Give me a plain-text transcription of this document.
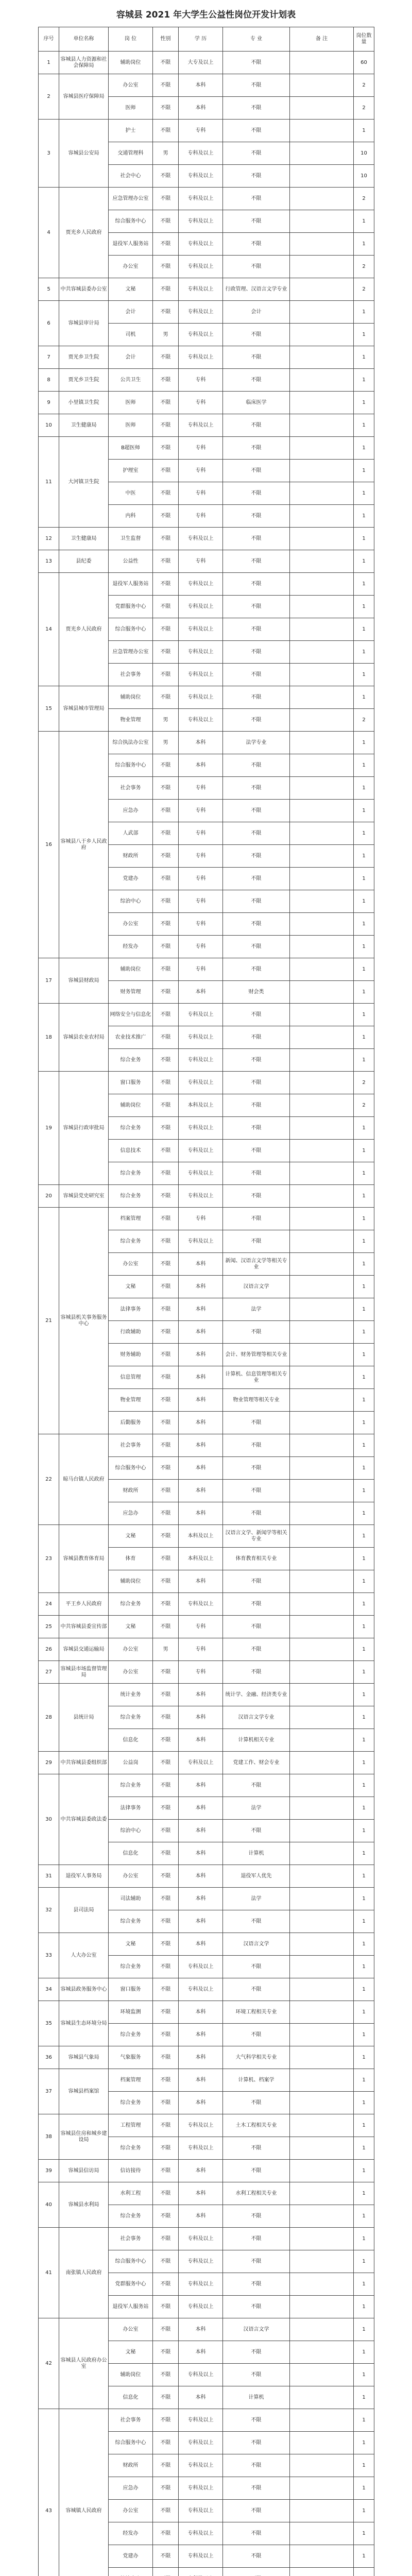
容城县 2021 年大学生公益性岗位开发计划表
序号	单位名称	岗 位	性别	学 历	专 业	备 注	岗位数量
1	容城县人力资源和社会保障局	辅助岗位	不限	大专及以上	不限		60
2	容城县医疗保障局	办公室	不限	本科	不限		2
		医师	不限	本科	不限		2
3	容城县公安局	护士	不限	专科	不限		1
		交通管理科	男	专科及以上	不限		10
		社会中心	不限	专科及以上	不限		10
4	贾光乡人民政府	应急管理办公室	不限	专科及以上	不限		2
		综合服务中心	不限	专科及以上	不限		1
		退役军人服务站	不限	专科及以上	不限		1
		办公室	不限	专科及以上	不限		2
5	中共容城县委办公室	文秘	不限	专科及以上	行政管理、汉语言文学专业		2
6	容城县审计局	会计	不限	专科及以上	会计		1
		司机	男	专科及以上	不限		1
7	贾光乡卫生院	会计	不限	专科及以上	不限		1
8	贾光乡卫生院	公共卫生	不限	专科	不限		1
9	小里镇卫生院	医师	不限	专科	临床医学		1
10	卫生健康局	医师	不限	专科及以上	不限		1
11	大河镇卫生院	B超医师	不限	专科	不限		1
		护理室	不限	专科	不限		1
		中医	不限	专科	不限		1
		内科	不限	专科	不限		1
12	卫生健康局	卫生监督	不限	专科及以上	不限		1
13	县纪委	公益性	不限	专科	不限		1
14	贾光乡人民政府	退役军人服务站	不限	专科及以上	不限		1
		党群服务中心	不限	专科及以上	不限		1
		综合服务中心	不限	专科及以上	不限		1
		应急管理办公室	不限	专科及以上	不限		1
		社会事务	不限	专科及以上	不限		1
15	容城县城市管理局	辅助岗位	不限	专科及以上	不限		1
		物业管理	男	专科及以上	不限		2
16	容城县八于乡人民政府	综合执法办公室	男	本科	法学专业		1
		综合服务中心	不限	本科	不限		1
		社会事务	不限	专科	不限		1
		应急办	不限	专科	不限		1
		人武部	不限	专科	不限		1
		财政所	不限	专科	不限		1
		党建办	不限	专科	不限		1
		综治中心	不限	专科	不限		1
		办公室	不限	专科	不限		1
		经发办	不限	专科	不限		1
17	容城县财政局	辅助岗位	不限	专科	不限		1
		财务管理	不限	本科	财会类		1
18	容城县农业农村局	网络安全与信息化	不限	专科及以上	不限		1
		农业技术推广	不限	专科及以上	不限		1
		综合业务	不限	专科及以上	不限		1
19	容城县行政审批局	窗口服务	不限	专科及以上	不限		2
		辅助岗位	不限	本科及以上	不限		2
		综合业务	不限	专科及以上	不限		1
		信息技术	不限	专科及以上	不限		1
		综合业务	不限	专科及以上	不限		1
20	容城县党史研究室	综合业务	不限	专科及以上	不限		1
21	容城县机关事务服务中心	档案管理	不限	专科	不限		1
		综合业务	不限	专科及以上	不限		1
		办公室	不限	本科	新闻、汉语言文学等相关专业		1
		文秘	不限	本科	汉语言文学		1
		法律事务	不限	本科	法学		1
		行政辅助	不限	本科	不限		1
		财务辅助	不限	本科	会计、财务管理等相关专业		1
		信息管理	不限	本科	计算机、信息管理等相关专业		1
		物业管理	不限	本科	物业管理等相关专业		1
		后勤服务	不限	本科	不限		1
22	晾马台镇人民政府	社会事务	不限	本科	不限		1
		综合服务中心	不限	本科	不限		1
		财政所	不限	本科	不限		1
		应急办	不限	本科	不限		1
23	容城县教育体育局	文秘	不限	本科及以上	汉语言文学、新闻学等相关专业		1
		体育	不限	本科及以上	体育教育相关专业		1
		辅助岗位	不限	本科	不限		1
24	平王乡人民政府	综合业务	不限	专科及以上	不限		1
25	中共容城县委宣传部	文秘	不限	专科	不限		1
26	容城县交通运输局	办公室	男	专科	不限		1
27	容城县市场监督管理局	办公室	不限	专科	不限		1
28	县统计局	统计业务	不限	本科	统计学、金融、经济类专业		1
		综合业务	不限	本科	汉语言文学专业		1
		信息化	不限	本科	计算机相关专业		1
29	中共容城县委组织部	公益岗	不限	专科及以上	党建工作、财会专业		1
30	中共容城县委政法委	综合业务	不限	本科	不限		1
		法律事务	不限	本科	法学		1
		综治中心	不限	本科	不限		1
		信息化	不限	本科	计算机		1
31	退役军人事务局	办公室	不限	本科	退役军人优先		1
32	县司法局	司法辅助	不限	本科	法学		1
		综合业务	不限	本科	不限		1
33	人大办公室	文秘	不限	本科	汉语言文学		1
		综合业务	不限	专科及以上	不限		1
34	容城县政务服务中心	窗口服务	不限	专科及以上	不限		1
35	容城县生态环境分局	环境监测	不限	本科	环境工程相关专业		1
		综合业务	不限	本科	不限		1
36	容城县气象局	气象服务	不限	本科	大气科学相关专业		1
37	容城县档案馆	档案管理	不限	本科	计算机、档案学		1
		综合业务	不限	本科	不限		1
38	容城县住房和城乡建设局	工程管理	不限	专科及以上	土木工程相关专业		1
		综合业务	不限	专科及以上	不限		1
39	容城县信访局	信访接待	不限	本科	不限		1
40	容城县水利局	水利工程	不限	本科	水利工程相关专业		1
		综合业务	不限	本科	不限		1
41	南张镇人民政府	社会事务	不限	专科及以上	不限		1
		综合服务中心	不限	专科及以上	不限		1
		党群服务中心	不限	专科及以上	不限		1
		退役军人服务站	不限	专科及以上	不限		1
42	容城县人民政府办公室	办公室	不限	本科	汉语言文学		1
		文秘	不限	本科	不限		1
		辅助岗位	不限	专科及以上	不限		1
		信息化	不限	本科	计算机		1
43	容城镇人民政府	社会事务	不限	专科及以上	不限		1
		综合服务中心	不限	专科及以上	不限		1
		财政所	不限	专科及以上	不限		1
		应急办	不限	专科及以上	不限		1
		办公室	不限	专科及以上	不限		1
		经发办	不限	专科及以上	不限		1
		党建办	不限	专科及以上	不限		1
